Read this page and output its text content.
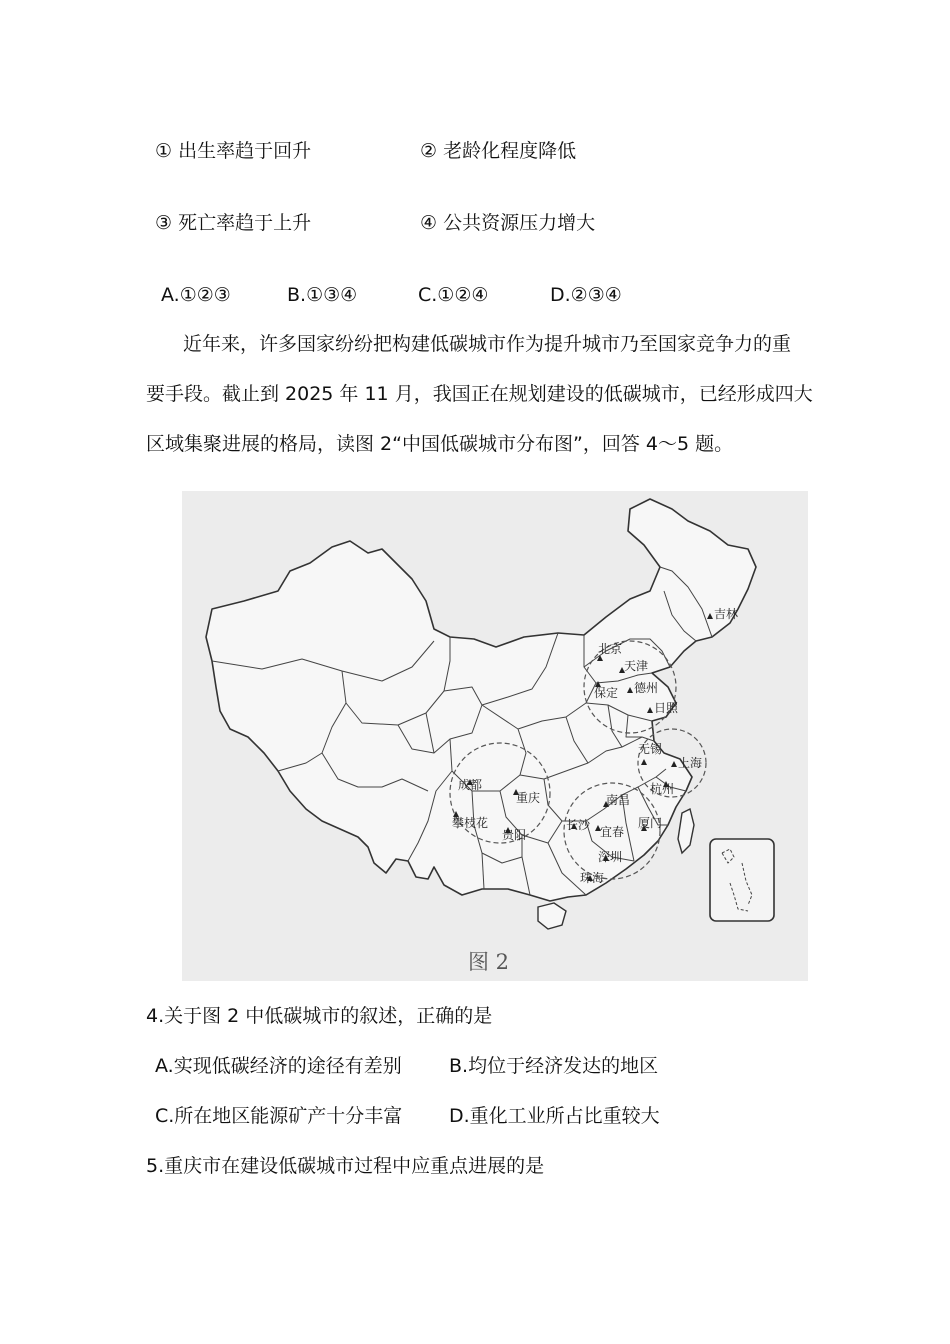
① 出生率趋于回升	② 老龄化程度降低
③ 死亡率趋于上升	④ 公共资源压力增大
A.①②③	B.①③④	C.①②④	D.②③④
近年来，许多国家纷纷把构建低碳城市作为提升城市乃至国家竞争力的重
要手段。截止到 2025 年 11 月，我国正在规划建设的低碳城市，已经形成四大
区域集聚进展的格局，读图 2“中国低碳城市分布图”，回答 4～5 题。
吉林
北京
天津
保定 德州
日照
无锡
上海
杭州
成都
重庆
攀枝花
贵阳
南昌
长沙 宜春
厦门
深圳
珠海
图 2
4.关于图 2 中低碳城市的叙述，正确的是
A.实现低碳经济的途径有差别 B.均位于经济发达的地区
C.所在地区能源矿产十分丰富 D.重化工业所占比重较大
5.重庆市在建设低碳城市过程中应重点进展的是
